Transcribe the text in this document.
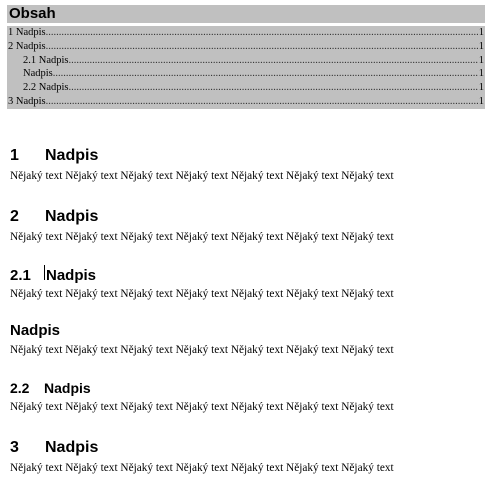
Obsah
1 Nadpis .....	1
2 Nadpis .....	1
2.1 Nadpis .....	1
Nadpis .....	1
2.2 Nadpis .....	1
3 Nadpis .....	1
1	Nadpis

Nějaký text Nějaký text Nějaký text Nějaký text Nějaký text Nějaký text Nějaký text

2	Nadpis

Nějaký text Nějaký text Nějaký text Nějaký text Nějaký text Nějaký text Nějaký text

2.1	Nadpis

Nějaký text Nějaký text Nějaký text Nějaký text Nějaký text Nějaký text Nějaký text

Nadpis

Nějaký text Nějaký text Nějaký text Nějaký text Nějaký text Nějaký text Nějaký text

2.2	Nadpis

Nějaký text Nějaký text Nějaký text Nějaký text Nějaký text Nějaký text Nějaký text

3	Nadpis

Nějaký text Nějaký text Nějaký text Nějaký text Nějaký text Nějaký text Nějaký text
